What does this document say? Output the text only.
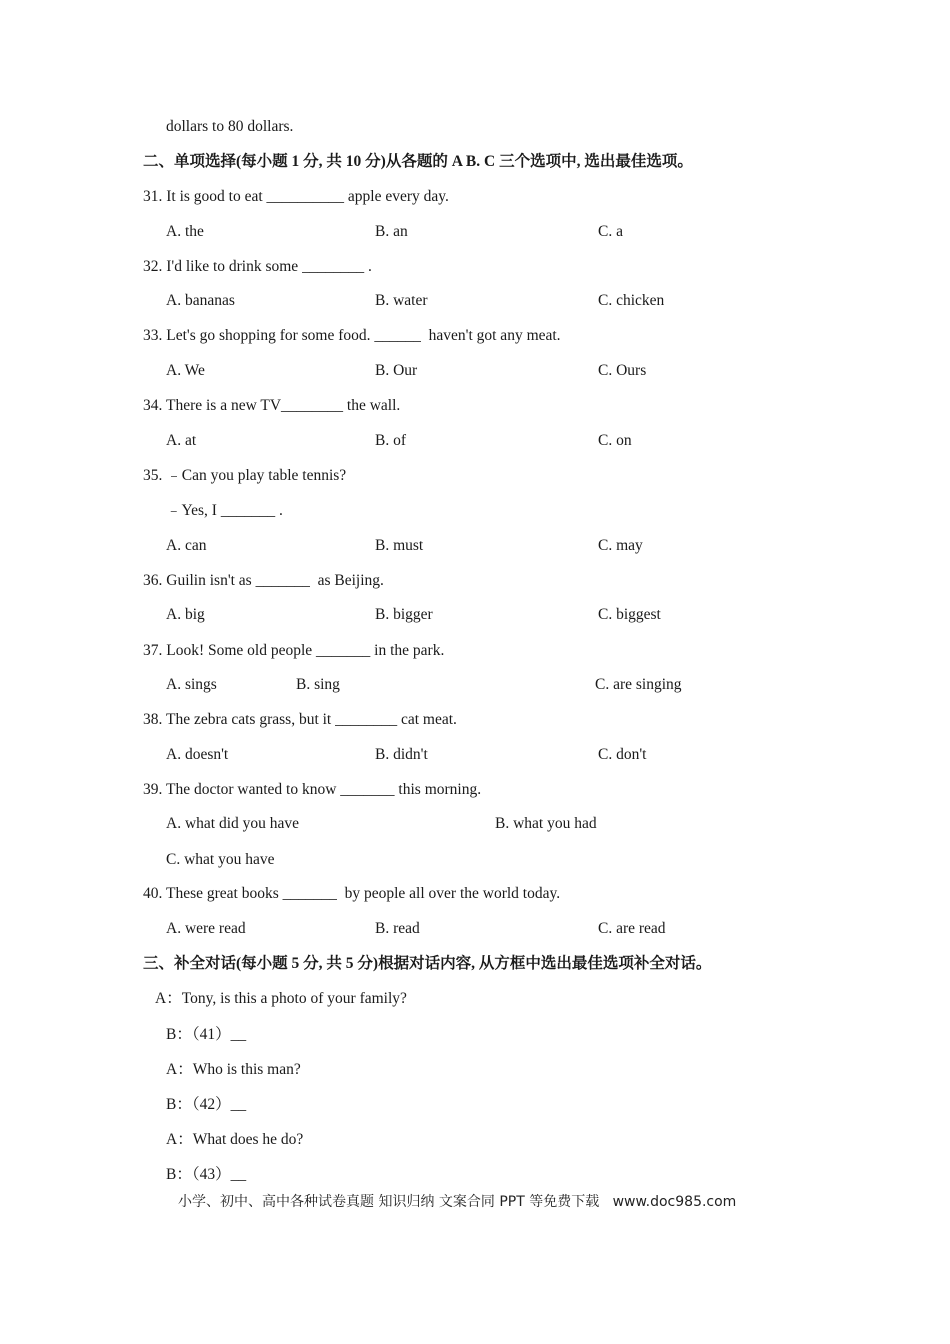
dollars to 80 dollars.
二、单项选择(每小题 1 分, 共 10 分)从各题的 A B. C 三个选项中, 选出最佳选项。
31. It is good to eat __________ apple every day.
A. the	B. an	C. a
32. I'd like to drink some ________ .
A. bananas	B. water	C. chicken
33. Let's go shopping for some food. ______  haven't got any meat.
A. We	B. Our	C. Ours
34. There is a new TV________ the wall.
A. at	B. of	C. on
35. ﹣Can you play table tennis?
﹣Yes, I _______ .
A. can	B. must	C. may
36. Guilin isn't as _______  as Beijing.
A. big	B. bigger	C. biggest
37. Look! Some old people _______ in the park.
A. sings	B. sing	C. are singing
38. The zebra cats grass, but it ________ cat meat.
A. doesn't	B. didn't	C. don't
39. The doctor wanted to know _______ this morning.
A. what did you have	B. what you had
C. what you have
40. These great books _______  by people all over the world today.
A. were read	B. read	C. are read
三、补全对话(每小题 5 分, 共 5 分)根据对话内容, 从方框中选出最佳选项补全对话。
A：Tony, is this a photo of your family?
B：（41）__
A：Who is this man?
B：（42）__
A：What does he do?
B：（43）__
小学、初中、高中各种试卷真题 知识归纳 文案合同 PPT 等免费下载   www.doc985.com
